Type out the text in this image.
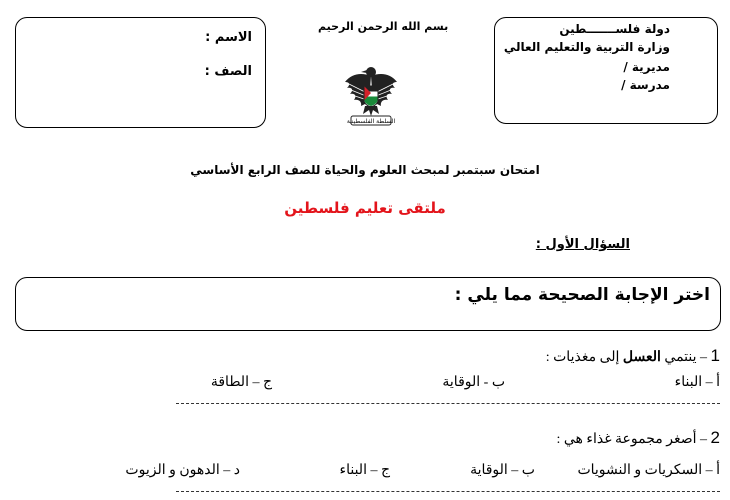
الاسم :
الصف :
دولة فلســـــــطين
وزارة التربية والتعليم العالي
مديرية /
مدرسة /
بسم الله الرحمن الرحيم
السلطة الفلسطينية
امتحان سبتمبر لمبحث العلوم والحياة للصف الرابع الأساسي
ملتقى تعليم فلسطين
السؤال الأول :
اختر الإجابة الصحيحة مما يلي :
1 – ينتمي العسل إلى مغذيات :
أ – البناء
ب - الوقاية
ج – الطاقة
2 – أصغر مجموعة غذاء هي :
أ – السكريات و النشويات
ب – الوقاية
ج – البناء
د – الدهون و الزيوت
